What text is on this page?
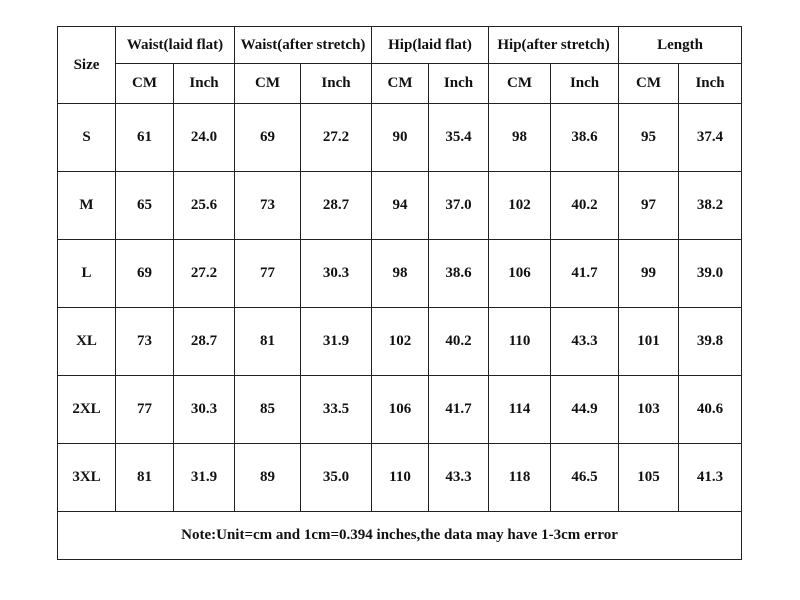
Size	Waist(laid flat)		Waist(after stretch)		Hip(laid flat)		Hip(after stretch)		Length	
	CM	Inch	CM	Inch	CM	Inch	CM	Inch	CM	Inch
S	61	24.0	69	27.2	90	35.4	98	38.6	95	37.4
M	65	25.6	73	28.7	94	37.0	102	40.2	97	38.2
L	69	27.2	77	30.3	98	38.6	106	41.7	99	39.0
XL	73	28.7	81	31.9	102	40.2	110	43.3	101	39.8
2XL	77	30.3	85	33.5	106	41.7	114	44.9	103	40.6
3XL	81	31.9	89	35.0	110	43.3	118	46.5	105	41.3
Note:Unit=cm and 1cm=0.394 inches,the data may have 1-3cm error										
